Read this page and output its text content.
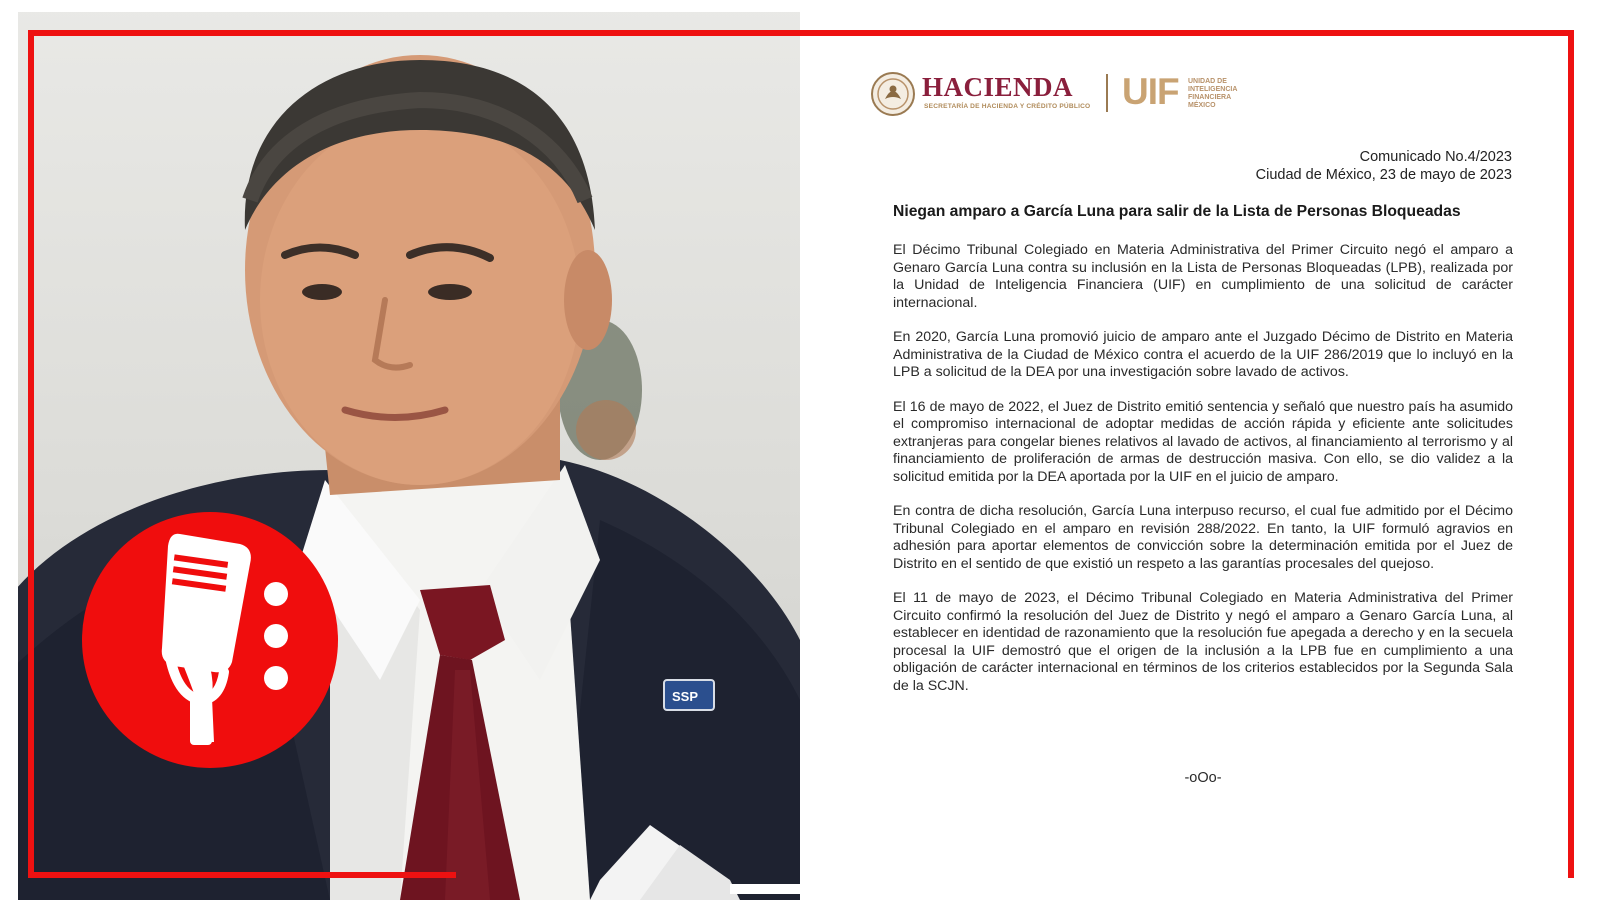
SSP
HACIENDA
SECRETARÍA DE HACIENDA Y CRÉDITO PÚBLICO UIF UNIDAD DE
INTELIGENCIA
FINANCIERA
MÉXICO
Comunicado No.4/2023
Ciudad de México, 23 de mayo de 2023
Niegan amparo a García Luna para salir de la Lista de Personas Bloqueadas

El Décimo Tribunal Colegiado en Materia Administrativa del Primer Circuito negó el amparo a Genaro García Luna contra su inclusión en la Lista de Personas Bloqueadas (LPB), realizada por la Unidad de Inteligencia Financiera (UIF) en cumplimiento de una solicitud de carácter internacional.

En 2020, García Luna promovió juicio de amparo ante el Juzgado Décimo de Distrito en Materia Administrativa de la Ciudad de México contra el acuerdo de la UIF 286/2019 que lo incluyó en la LPB a solicitud de la DEA por una investigación sobre lavado de activos.

El 16 de mayo de 2022, el Juez de Distrito emitió sentencia y señaló que nuestro país ha asumido el compromiso internacional de adoptar medidas de acción rápida y eficiente ante solicitudes extranjeras para congelar bienes relativos al lavado de activos, al financiamiento al terrorismo y al financiamiento de proliferación de armas de destrucción masiva. Con ello, se dio validez a la solicitud emitida por la DEA aportada por la UIF en el juicio de amparo.

En contra de dicha resolución, García Luna interpuso recurso, el cual fue admitido por el Décimo Tribunal Colegiado en el amparo en revisión 288/2022. En tanto, la UIF formuló agravios en adhesión para aportar elementos de convicción sobre la determinación emitida por el Juez de Distrito en el sentido de que existió un respeto a las garantías procesales del quejoso.

El 11 de mayo de 2023, el Décimo Tribunal Colegiado en Materia Administrativa del Primer Circuito confirmó la resolución del Juez de Distrito y negó el amparo a Genaro García Luna, al establecer en identidad de razonamiento que la resolución fue apegada a derecho y en la secuela procesal la UIF demostró que el origen de la inclusión a la LPB fue en cumplimiento a una obligación de carácter internacional en términos de los criterios establecidos por la Segunda Sala de la SCJN.

-oOo-
